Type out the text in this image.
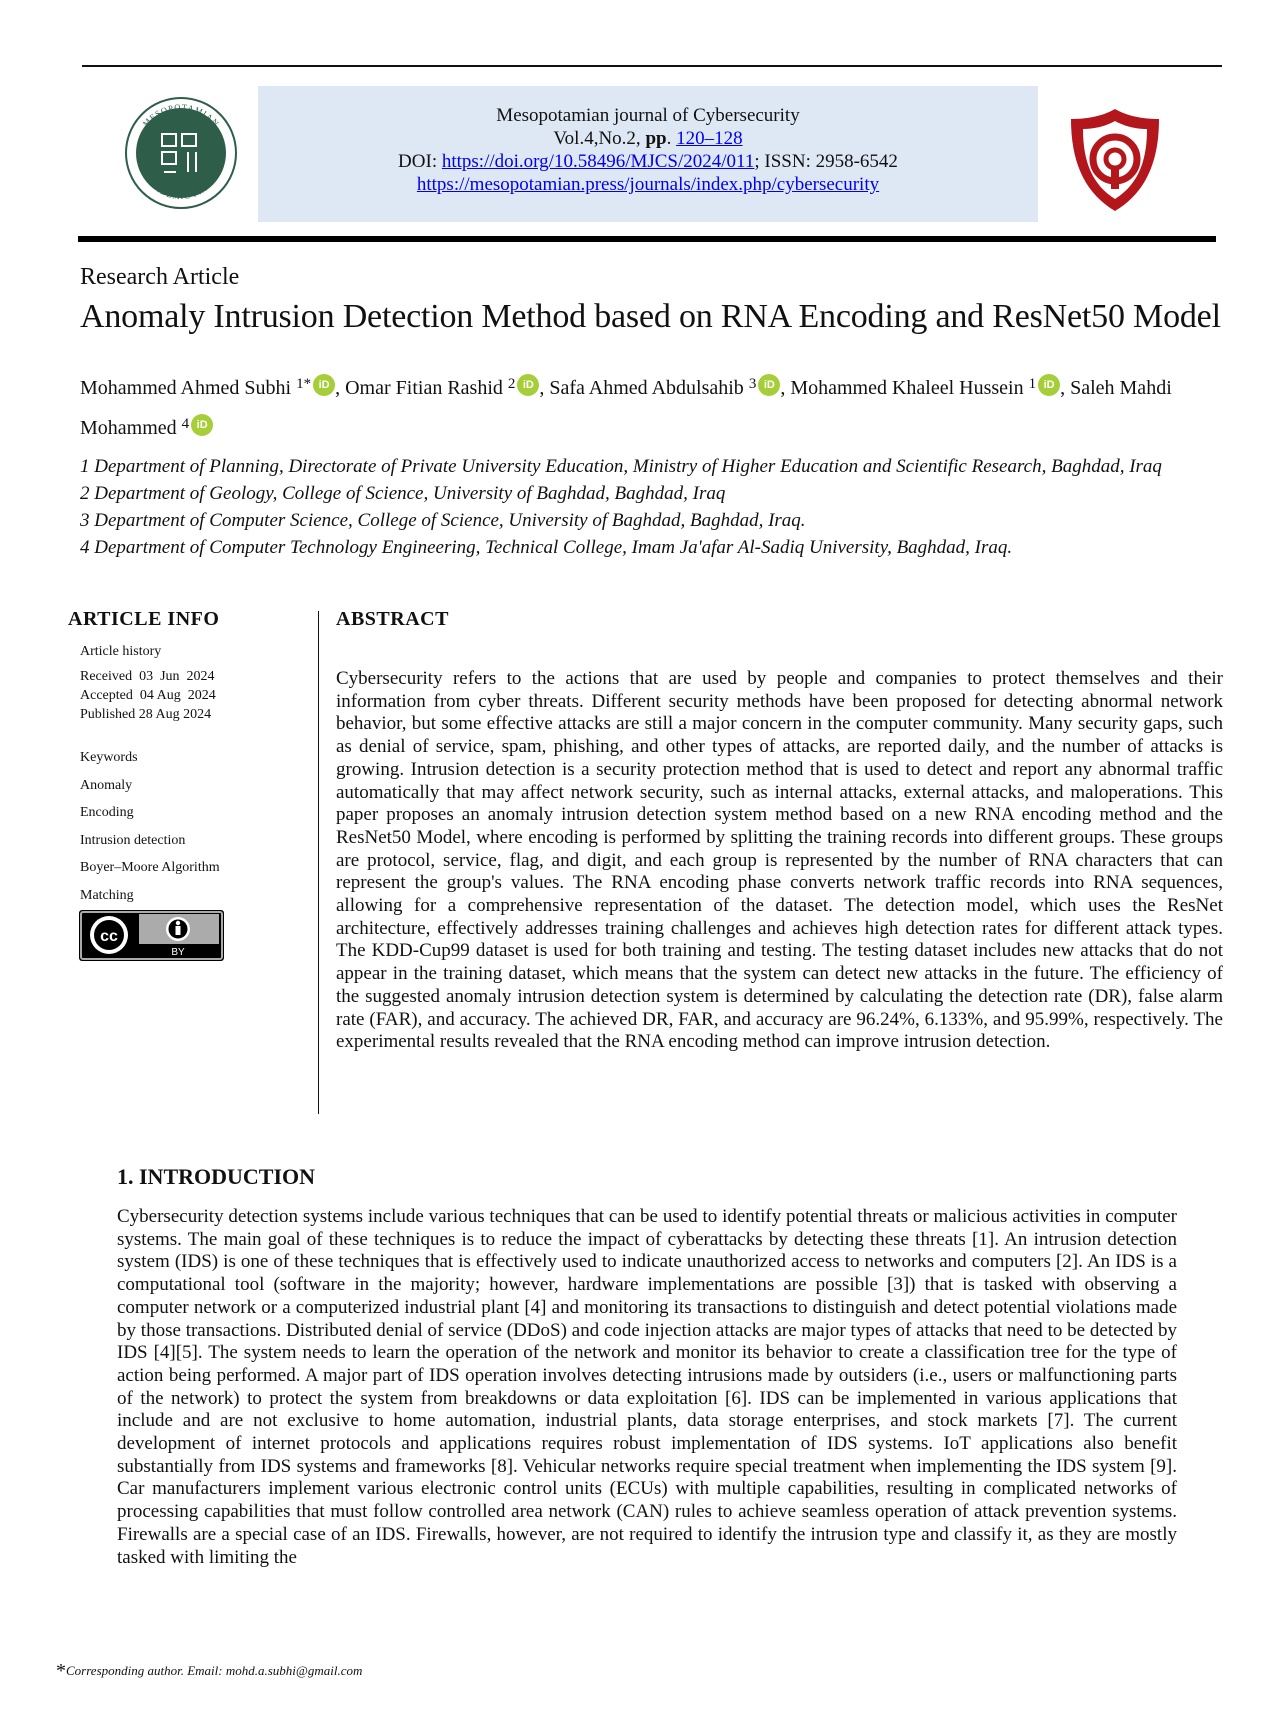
MESOPOTAMIAN
ACADEMIC PRESS
Mesopotamian journal of Cybersecurity
Vol.4,No.2, pp. 120–128
DOI: https://doi.org/10.58496/MJCS/2024/011; ISSN: 2958-6542
https://mesopotamian.press/journals/index.php/cybersecurity
Research Article
Anomaly Intrusion Detection Method based on RNA Encoding and ResNet50 Model
Mohammed Ahmed Subhi $^{1*}$ iD , Omar Fitian Rashid $^2$ iD , Safa Ahmed Abdulsahib $^3$ iD , Mohammed Khaleel Hussein $^1$ iD , Saleh Mahdi Mohammed $^4$ iD
1 Department of Planning, Directorate of Private University Education, Ministry of Higher Education and Scientific Research, Baghdad, Iraq
2 Department of Geology, College of Science, University of Baghdad, Baghdad, Iraq
3 Department of Computer Science, College of Science, University of Baghdad, Baghdad, Iraq.
4 Department of Computer Technology Engineering, Technical College, Imam Ja'afar Al-Sadiq University, Baghdad, Iraq.
ARTICLE INFO
Article history
Received  03  Jun  2024
Accepted  04 Aug  2024
Published 28 Aug 2024
Keywords
Anomaly
Encoding
Intrusion detection
Boyer–Moore Algorithm
Matching
cc
BY
ABSTRACT
Cybersecurity refers to the actions that are used by people and companies to protect themselves and their information from cyber threats. Different security methods have been proposed for detecting abnormal network behavior, but some effective attacks are still a major concern in the computer community. Many security gaps, such as denial of service, spam, phishing, and other types of attacks, are reported daily, and the number of attacks is growing. Intrusion detection is a security protection method that is used to detect and report any abnormal traffic automatically that may affect network security, such as internal attacks, external attacks, and maloperations. This paper proposes an anomaly intrusion detection system method based on a new RNA encoding method and the ResNet50 Model, where encoding is performed by splitting the training records into different groups. These groups are protocol, service, flag, and digit, and each group is represented by the number of RNA characters that can represent the group's values. The RNA encoding phase converts network traffic records into RNA sequences, allowing for a comprehensive representation of the dataset. The detection model, which uses the ResNet architecture, effectively addresses training challenges and achieves high detection rates for different attack types. The KDD-Cup99 dataset is used for both training and testing. The testing dataset includes new attacks that do not appear in the training dataset, which means that the system can detect new attacks in the future. The efficiency of the suggested anomaly intrusion detection system is determined by calculating the detection rate (DR), false alarm rate (FAR), and accuracy. The achieved DR, FAR, and accuracy are 96.24%, 6.133%, and 95.99%, respectively. The experimental results revealed that the RNA encoding method can improve intrusion detection.
1. INTRODUCTION
Cybersecurity detection systems include various techniques that can be used to identify potential threats or malicious activities in computer systems. The main goal of these techniques is to reduce the impact of cyberattacks by detecting these threats [1]. An intrusion detection system (IDS) is one of these techniques that is effectively used to indicate unauthorized access to networks and computers [2]. An IDS is a computational tool (software in the majority; however, hardware implementations are possible [3]) that is tasked with observing a computer network or a computerized industrial plant [4] and monitoring its transactions to distinguish and detect potential violations made by those transactions. Distributed denial of service (DDoS) and code injection attacks are major types of attacks that need to be detected by IDS [4][5]. The system needs to learn the operation of the network and monitor its behavior to create a classification tree for the type of action being performed. A major part of IDS operation involves detecting intrusions made by outsiders (i.e., users or malfunctioning parts of the network) to protect the system from breakdowns or data exploitation [6]. IDS can be implemented in various applications that include and are not exclusive to home automation, industrial plants, data storage enterprises, and stock markets [7]. The current development of internet protocols and applications requires robust implementation of IDS systems. IoT applications also benefit substantially from IDS systems and frameworks [8]. Vehicular networks require special treatment when implementing the IDS system [9]. Car manufacturers implement various electronic control units (ECUs) with multiple capabilities, resulting in complicated networks of processing capabilities that must follow controlled area network (CAN) rules to achieve seamless operation of attack prevention systems. Firewalls are a special case of an IDS. Firewalls, however, are not required to identify the intrusion type and classify it, as they are mostly tasked with limiting the
*Corresponding author. Email: mohd.a.subhi@gmail.com
